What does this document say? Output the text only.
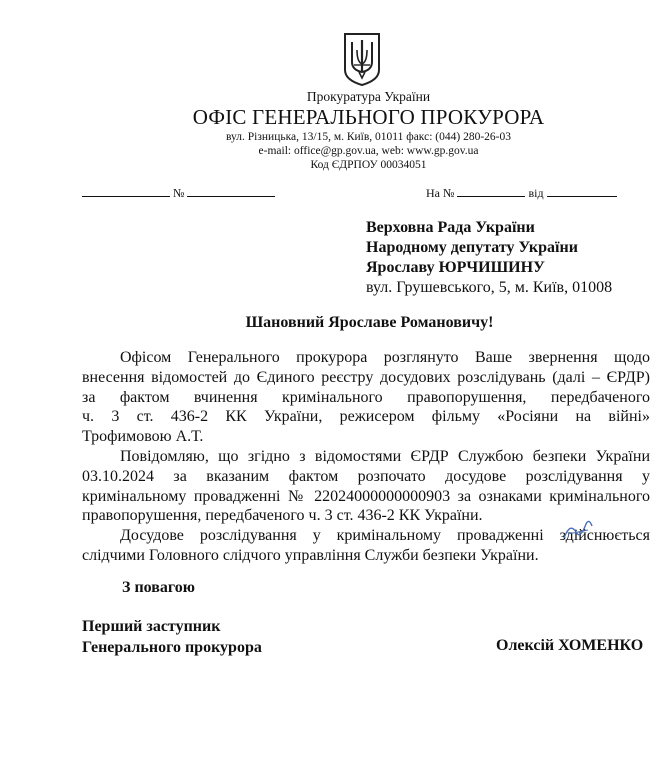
Прокуратура України
ОФІС ГЕНЕРАЛЬНОГО ПРОКУРОРА
вул. Різницька, 13/15, м. Київ, 01011 факс: (044) 280-26-03
e-mail: office@gp.gov.ua, web: www.gp.gov.ua
Код ЄДРПОУ 00034051
№	На №	від
Верховна Рада України
Народному депутату України
Ярославу ЮРЧИШИНУ
вул. Грушевського, 5, м. Київ, 01008
Шановний Ярославе Романовичу!
Офісом Генерального прокурора розглянуто Ваше звернення щодо
внесення відомостей до Єдиного реєстру досудових розслідувань (далі – ЄРДР)
за фактом вчинення кримінального правопорушення, передбаченого
ч. 3 ст. 436-2 КК України, режисером фільму «Росіяни на війні»
Трофимовою А.Т.
Повідомляю, що згідно з відомостями ЄРДР Службою безпеки України
03.10.2024 за вказаним фактом розпочато досудове розслідування у
кримінальному провадженні № 22024000000000903 за ознаками кримінального
правопорушення, передбаченого ч. 3 ст. 436-2 КК України.
Досудове розслідування у кримінальному провадженні здійснюється
слідчими Головного слідчого управління Служби безпеки України.
З повагою
Перший заступник
Генерального прокурора	Олексій ХОМЕНКО
